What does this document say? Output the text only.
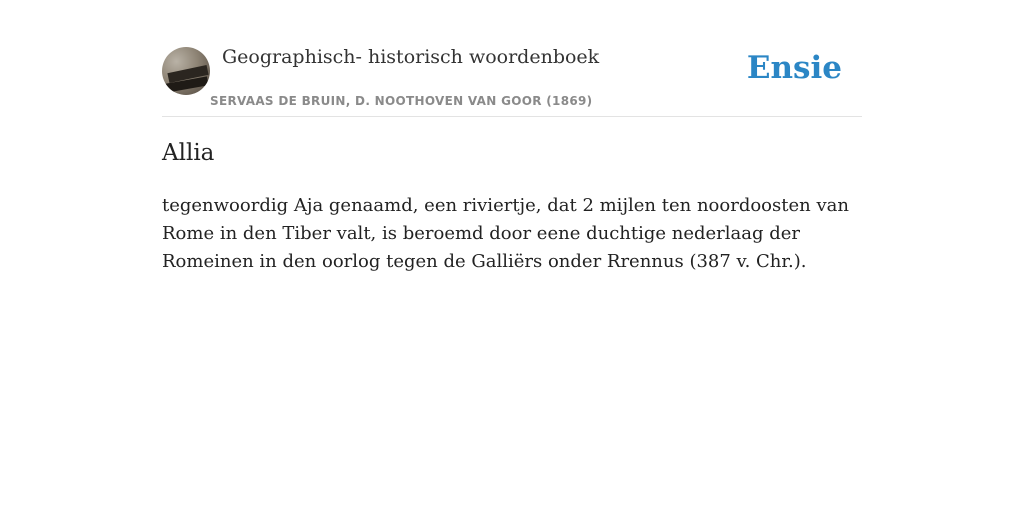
Geographisch- historisch woordenboek
SERVAAS DE BRUIN, D. NOOTHOVEN VAN GOOR (1869)
Ensie
Allia

tegenwoordig Aja genaamd, een riviertje, dat 2 mijlen ten noordoosten van Rome in den Tiber valt, is beroemd door eene duchtige nederlaag der Romeinen in den oorlog tegen de Galliërs onder Rrennus (387 v. Chr.).
